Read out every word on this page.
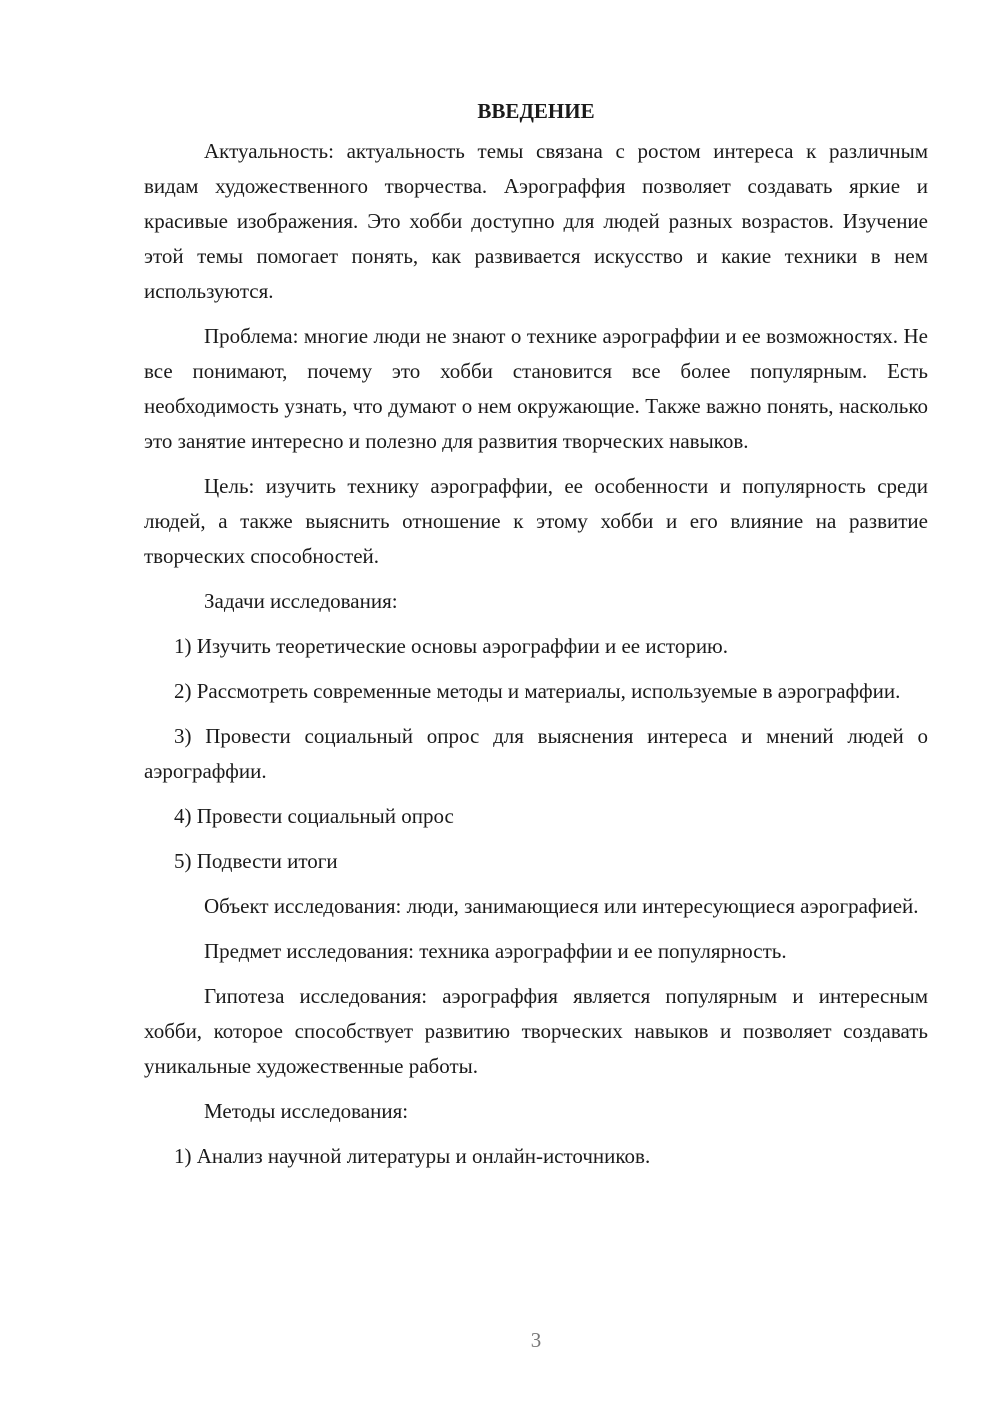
ВВЕДЕНИЕ

Актуальность: актуальность темы связана с ростом интереса к различным видам художественного творчества. Аэрограффия позволяет создавать яркие и красивые изображения. Это хобби доступно для людей разных возрастов. Изучение этой темы помогает понять, как развивается искусство и какие техники в нем используются.

Проблема: многие люди не знают о технике аэрограффии и ее возможностях. Не все понимают, почему это хобби становится все более популярным. Есть необходимость узнать, что думают о нем окружающие. Также важно понять, насколько это занятие интересно и полезно для развития творческих навыков.

Цель: изучить технику аэрограффии, ее особенности и популярность среди людей, а также выяснить отношение к этому хобби и его влияние на развитие творческих способностей.

Задачи исследования:

1) Изучить теоретические основы аэрограффии и ее историю.

2) Рассмотреть современные методы и материалы, используемые в аэрограффии.

3) Провести социальный опрос для выяснения интереса и мнений людей о аэрограффии.

4) Провести социальный опрос

5) Подвести итоги

Объект исследования: люди, занимающиеся или интересующиеся аэрографией.

Предмет исследования: техника аэрограффии и ее популярность.

Гипотеза исследования: аэрограффия является популярным и интересным хобби, которое способствует развитию творческих навыков и позволяет создавать уникальные художественные работы.

Методы исследования:

1) Анализ научной литературы и онлайн-источников.

3
